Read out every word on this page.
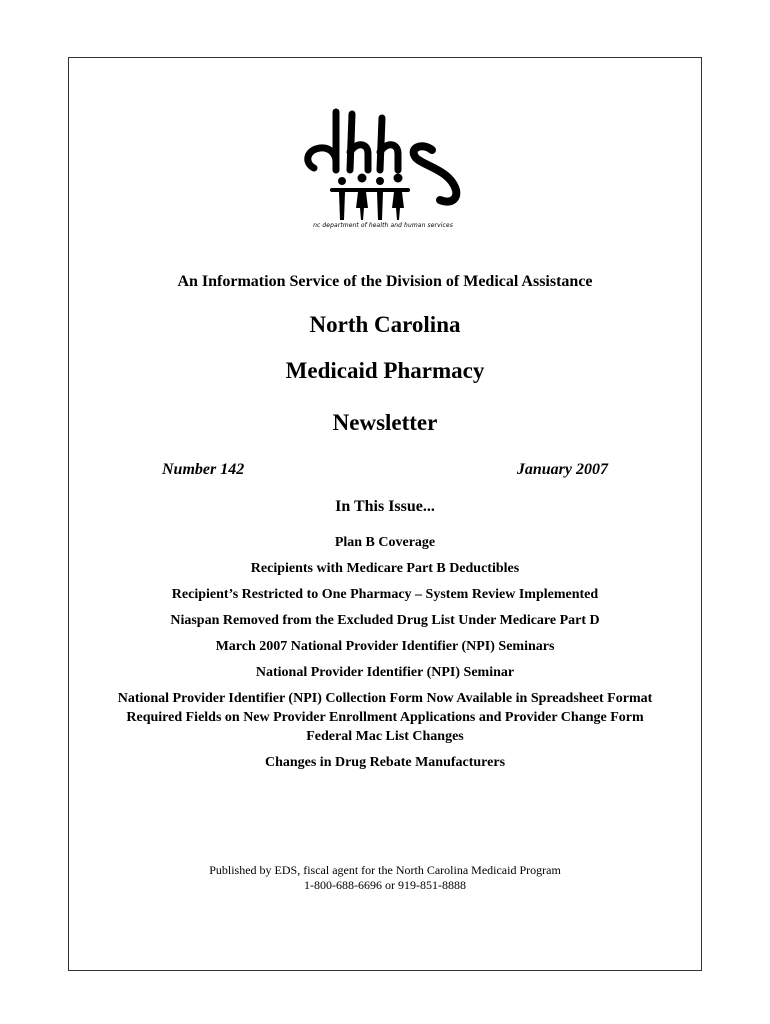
nc department of health and human services
An Information Service of the Division of Medical Assistance
North Carolina
Medicaid Pharmacy
Newsletter
Number 142	January 2007
In This Issue...
Plan B Coverage
Recipients with Medicare Part B Deductibles
Recipient’s Restricted to One Pharmacy – System Review Implemented
Niaspan Removed from the Excluded Drug List Under Medicare Part D
March 2007 National Provider Identifier (NPI) Seminars
National Provider Identifier (NPI) Seminar
National Provider Identifier (NPI) Collection Form Now Available in Spreadsheet Format
Required Fields on New Provider Enrollment Applications and Provider Change Form
Federal Mac List Changes
Changes in Drug Rebate Manufacturers
Published by EDS, fiscal agent for the North Carolina Medicaid Program
1-800-688-6696 or 919-851-8888
